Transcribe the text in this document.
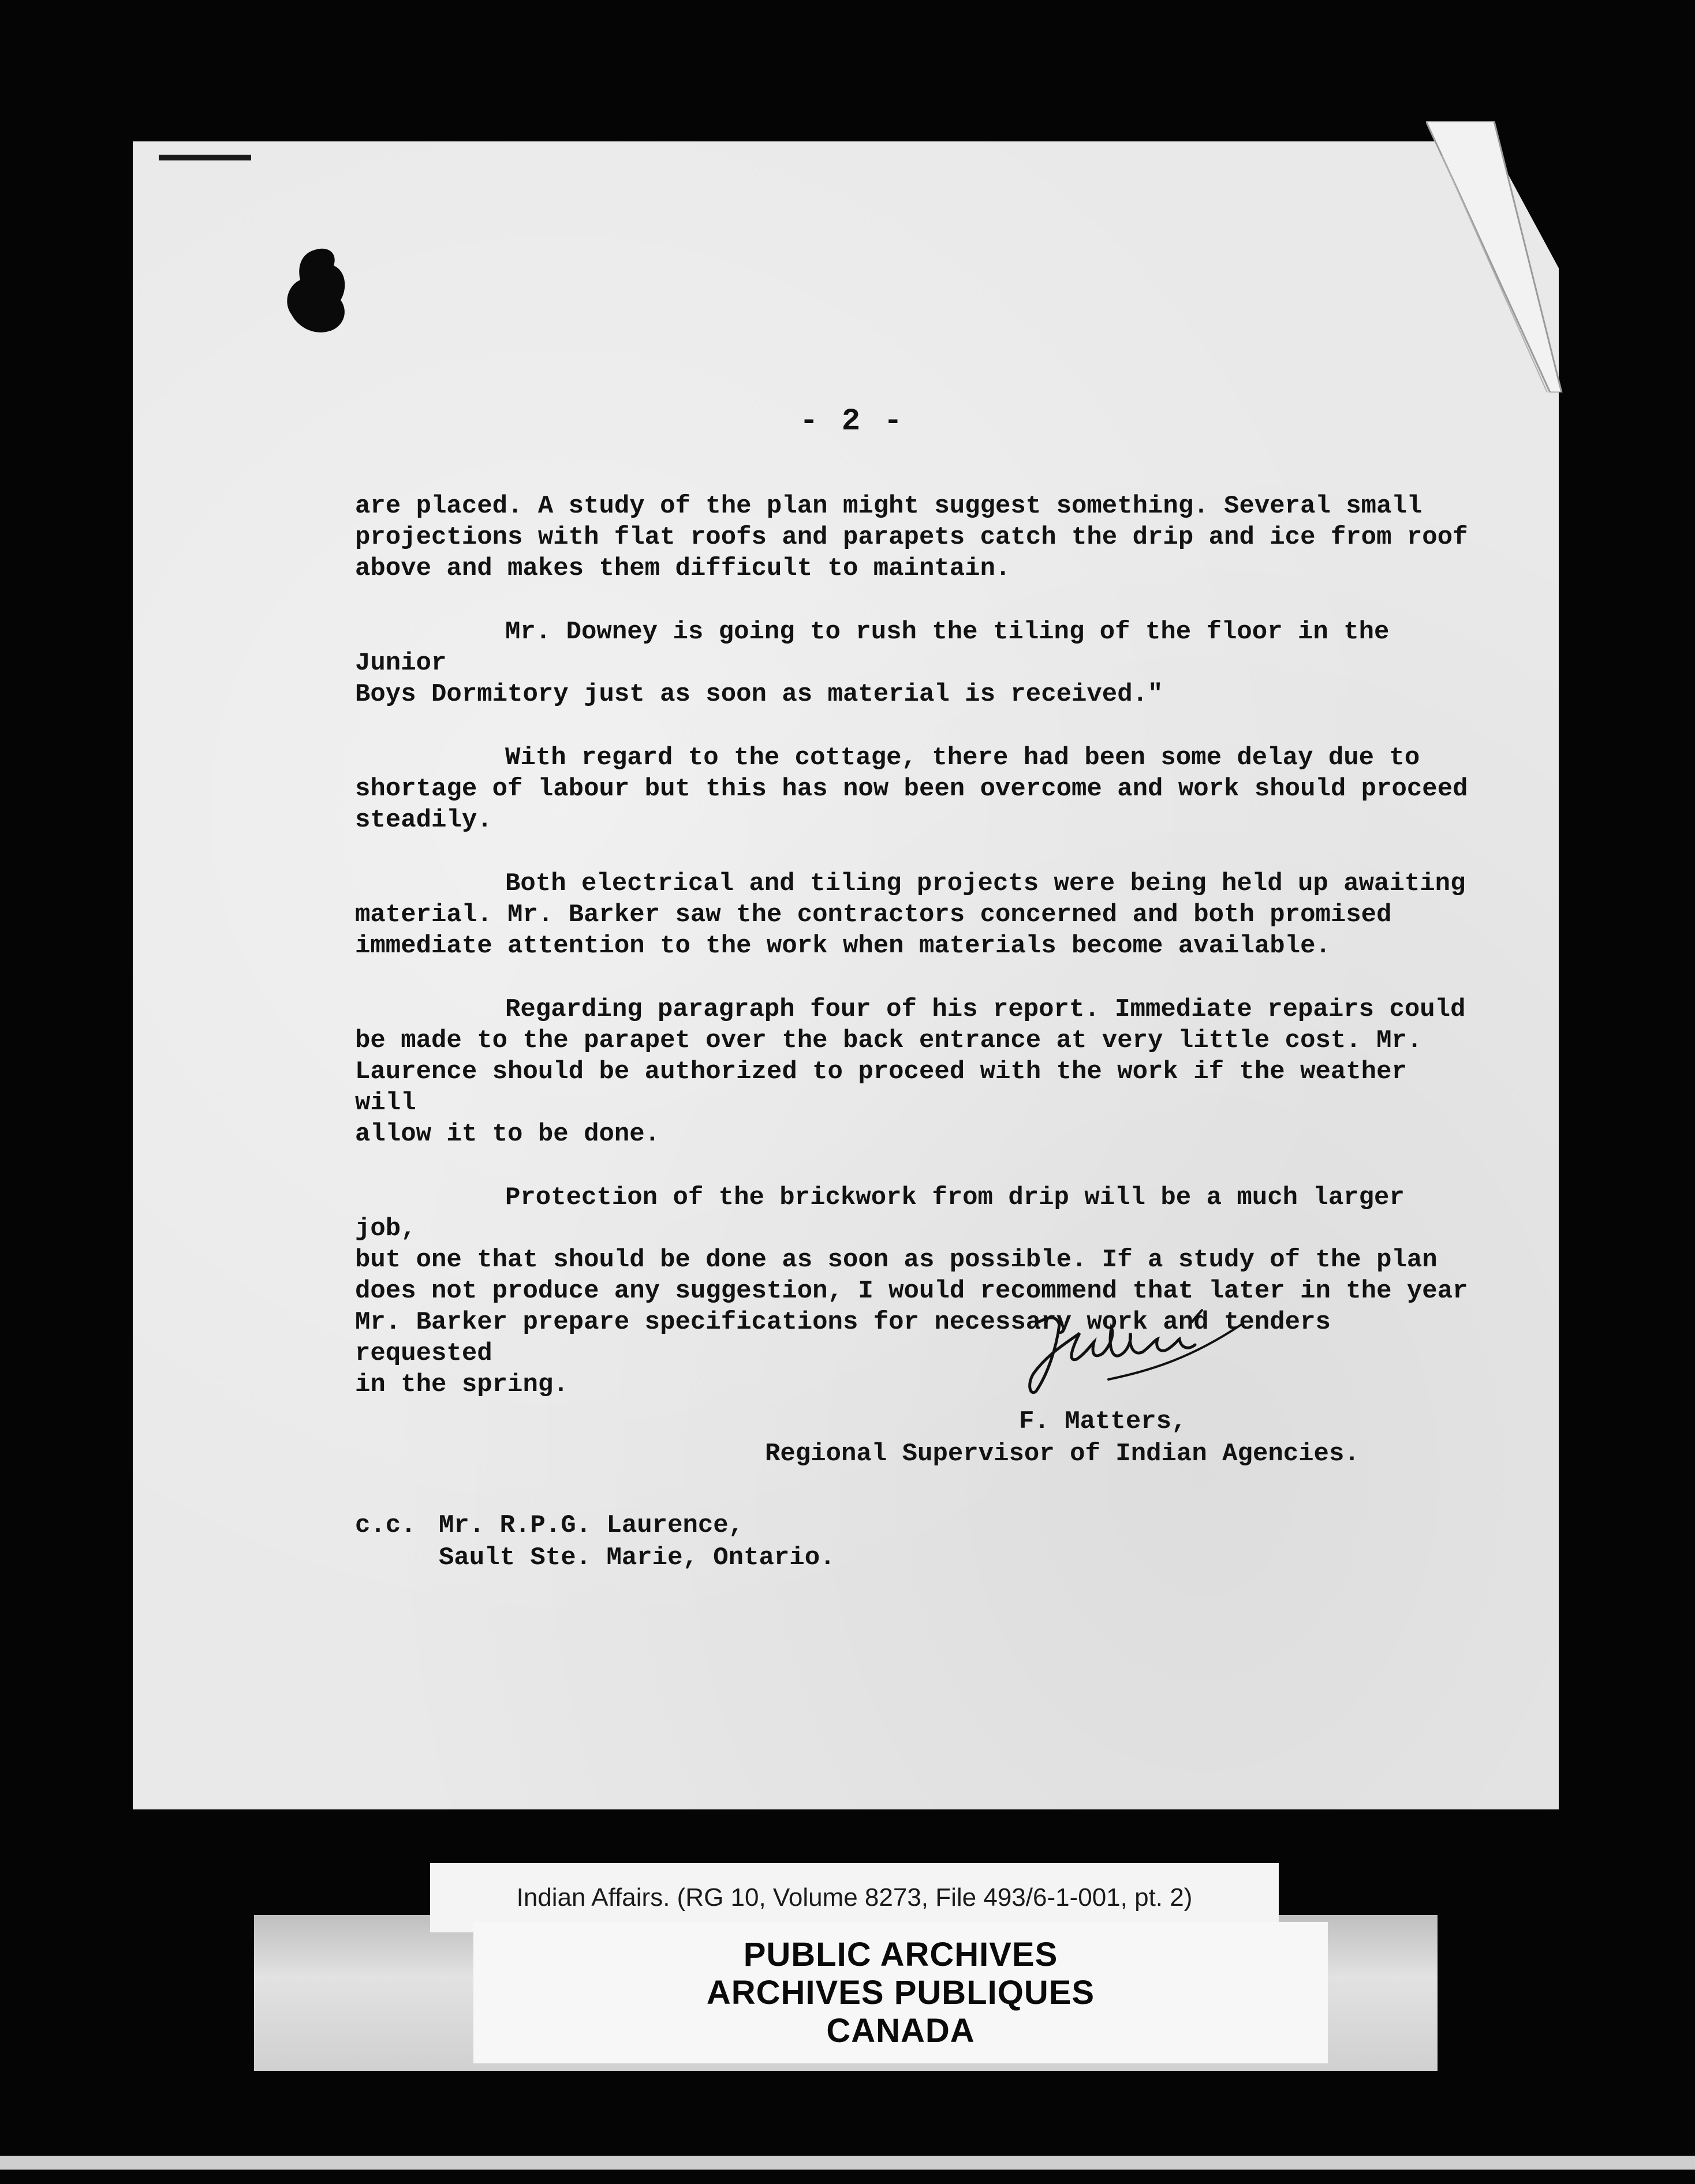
- 2 -

are placed. A study of the plan might suggest something. Several small
projections with flat roofs and parapets catch the drip and ice from roof
above and makes them difficult to maintain.

Mr. Downey is going to rush the tiling of the floor in the Junior
Boys Dormitory just as soon as material is received."

With regard to the cottage, there had been some delay due to
shortage of labour but this has now been overcome and work should proceed
steadily.

Both electrical and tiling projects were being held up awaiting
material. Mr. Barker saw the contractors concerned and both promised
immediate attention to the work when materials become available.

Regarding paragraph four of his report. Immediate repairs could
be made to the parapet over the back entrance at very little cost. Mr.
Laurence should be authorized to proceed with the work if the weather will
allow it to be done.

Protection of the brickwork from drip will be a much larger job,
but one that should be done as soon as possible. If a study of the plan
does not produce any suggestion, I would recommend that later in the year
Mr. Barker prepare specifications for necessary work and tenders requested
in the spring.

F. Matters,
Regional Supervisor of Indian Agencies.
c.c. Mr. R.P.G. Laurence,
Sault Ste. Marie, Ontario.
Indian Affairs. (RG 10, Volume 8273, File 493/6-1-001, pt. 2)
PUBLIC ARCHIVES
ARCHIVES PUBLIQUES
CANADA
